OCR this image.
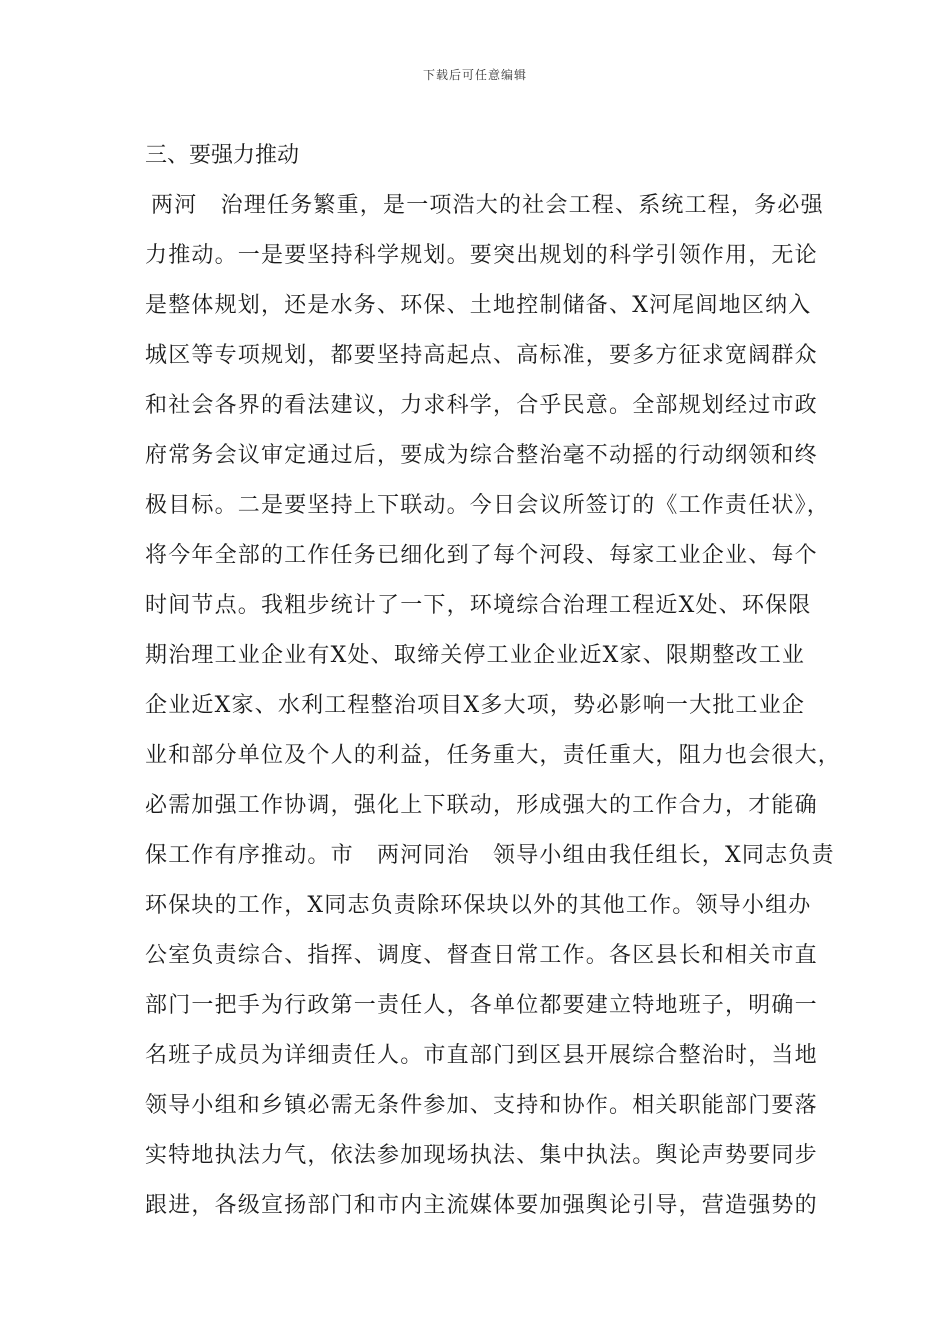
下载后可任意编辑
三、要强力推动

两河　治理任务繁重，是一项浩大的社会工程、系统工程，务必强

力推动。一是要坚持科学规划。要突出规划的科学引领作用，无论

是整体规划，还是水务、环保、土地控制储备、X河尾闾地区纳入

城区等专项规划，都要坚持高起点、高标准，要多方征求宽阔群众

和社会各界的看法建议，力求科学，合乎民意。全部规划经过市政

府常务会议审定通过后，要成为综合整治毫不动摇的行动纲领和终

极目标。二是要坚持上下联动。今日会议所签订的《工作责任状》，

将今年全部的工作任务已细化到了每个河段、每家工业企业、每个

时间节点。我粗步统计了一下，环境综合治理工程近X处、环保限

期治理工业企业有X处、取缔关停工业企业近X家、限期整改工业

企业近X家、水利工程整治项目X多大项，势必影响一大批工业企

业和部分单位及个人的利益，任务重大，责任重大，阻力也会很大，

必需加强工作协调，强化上下联动，形成强大的工作合力，才能确

保工作有序推动。市　两河同治　领导小组由我任组长，X同志负责

环保块的工作，X同志负责除环保块以外的其他工作。领导小组办

公室负责综合、指挥、调度、督查日常工作。各区县长和相关市直

部门一把手为行政第一责任人，各单位都要建立特地班子，明确一

名班子成员为详细责任人。市直部门到区县开展综合整治时，当地

领导小组和乡镇必需无条件参加、支持和协作。相关职能部门要落

实特地执法力气，依法参加现场执法、集中执法。舆论声势要同步

跟进，各级宣扬部门和市内主流媒体要加强舆论引导，营造强势的
